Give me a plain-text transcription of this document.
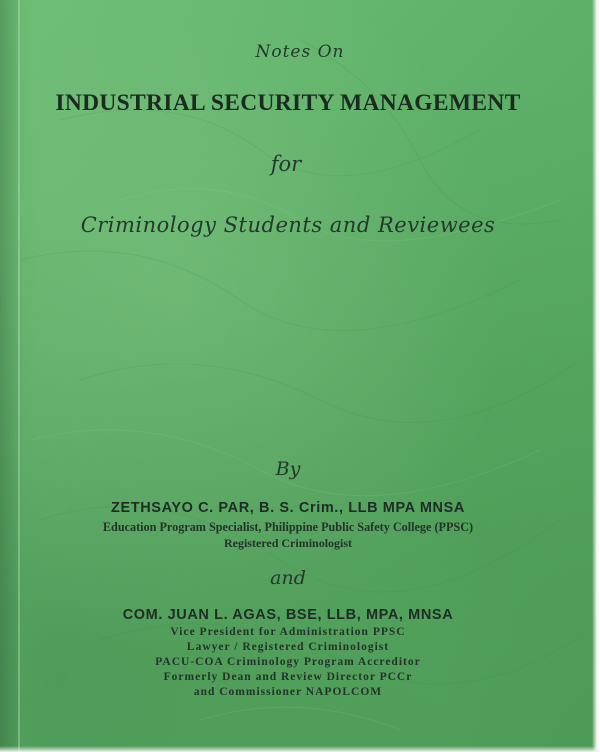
Notes On
INDUSTRIAL SECURITY MANAGEMENT
for
Criminology Students and Reviewees
By
ZETHSAYO C. PAR, B. S. Crim., LLB MPA MNSA
Education Program Specialist, Philippine Public Safety College (PPSC)
Registered Criminologist
and
COM. JUAN L. AGAS, BSE, LLB, MPA, MNSA
Vice President for Administration PPSC
Lawyer / Registered Criminologist
PACU-COA Criminology Program Accreditor
Formerly Dean and Review Director PCCr
and Commissioner NAPOLCOM
